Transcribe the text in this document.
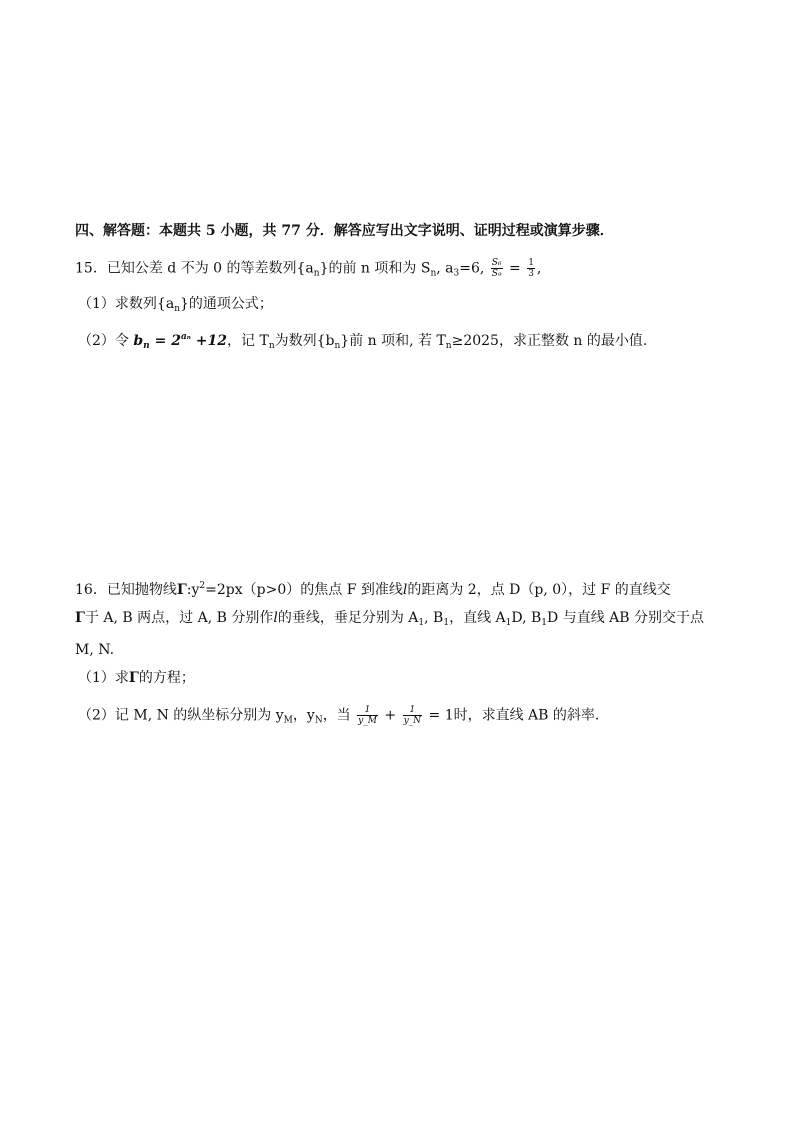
四、解答题：本题共 5 小题，共 77 分．解答应写出文字说明、证明过程或演算步骤．
15．已知公差 d 不为 0 的等差数列$\{a_n\}$的前 n 项和为 $S_n$, $a_3=6$, $\frac{\text{S₆}}{\text{S₉}} = \frac{1}{3}$ ,
（1）求数列$\{a_n\}$的通项公式；
（2）令 $b_n = 2^{a_n} +12$，记 $T_n$为数列$\{b_n\}$前 n 项和, 若 $T_n\ge 2025$，求正整数 n 的最小值.
16．已知抛物线$\Gamma:y^2=2px(p>0)$的焦点 F 到准线l的距离为 2，点 D（p, 0），过 F 的直线交
Γ于 A, B 两点，过 A, B 分别作l的垂线，垂足分别为 $A_1$, $B_1$，直线 $A_1D$, $B_1D$ 与直线 AB 分别交于点
M, N.
（1）求Γ的方程；
（2）记 M, N 的纵坐标分别为 $y_M$，$y_N$，当 $\frac{1}{y\_M} + \frac{1}{y\_N} = 1$时，求直线 AB 的斜率.
